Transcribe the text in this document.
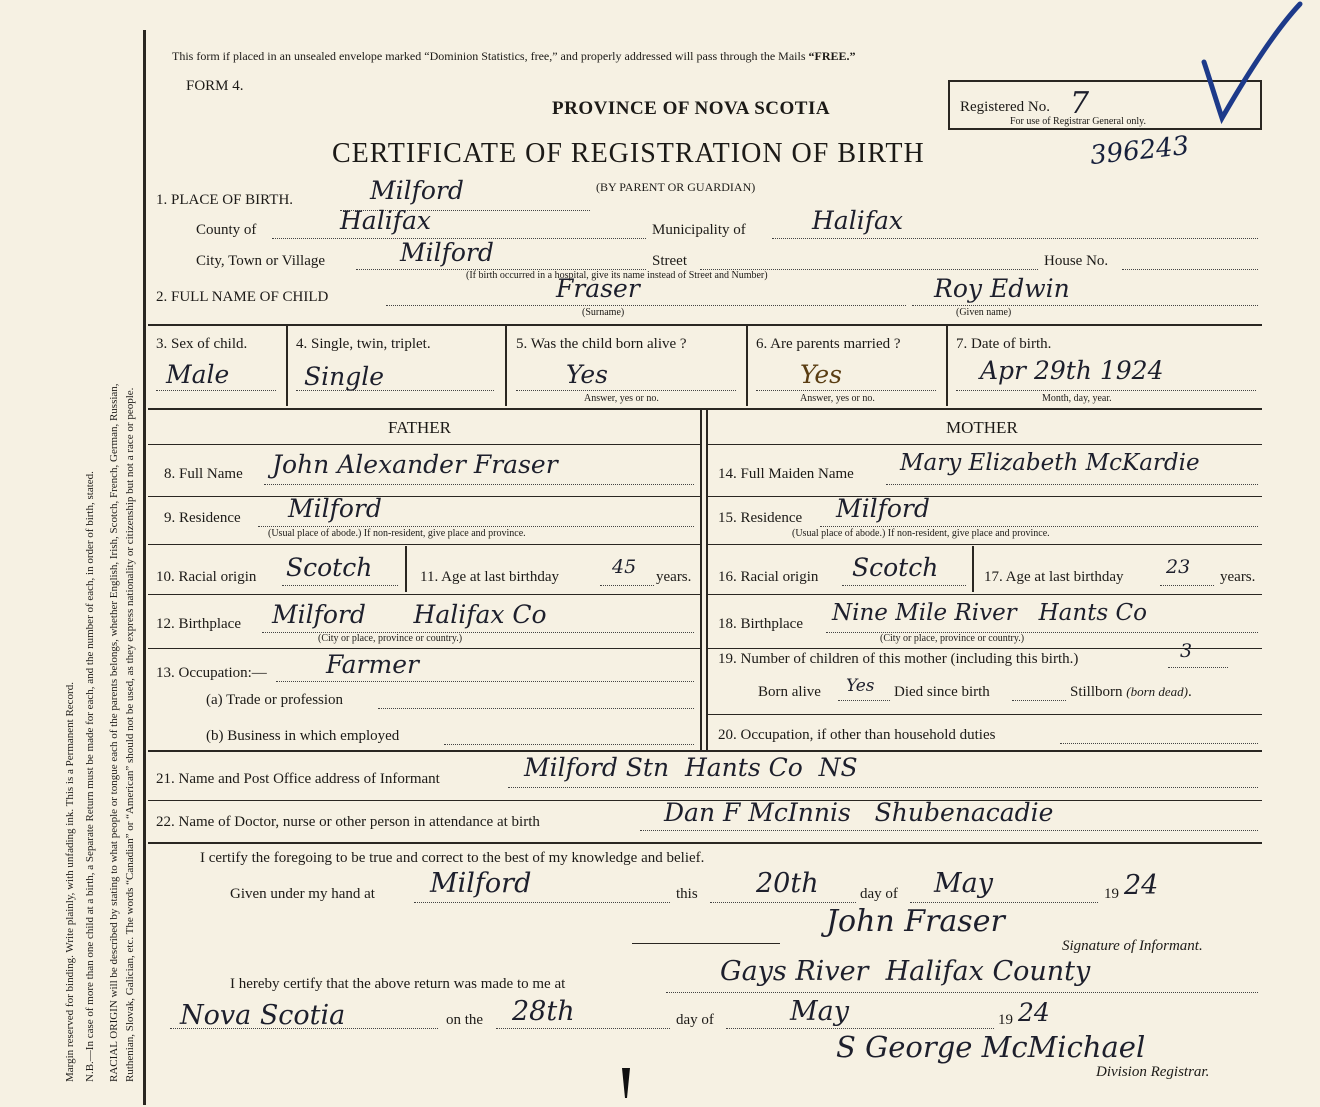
Margin reserved for binding. Write plainly, with unfading ink. This is a Permanent Record. N.B.—In case of more than one child at a birth, a Separate Return must be made for each, and the number of each, in order of birth, stated. RACIAL ORIGIN will be described by stating to what people or tongue each of the parents belongs, whether English, Irish, Scotch, French, German, Russian, Ruthenian, Slovak, Galician, etc. The words “Canadian” or “American” should not be used, as they express nationality or citizenship but not a race or people.
This form if placed in an unsealed envelope marked “Dominion Statistics, free,” and properly addressed will pass through the Mails “FREE.”
FORM 4.
PROVINCE OF NOVA SCOTIA	Registered No. 7
For use of Registrar General only.
CERTIFICATE OF REGISTRATION OF BIRTH	396243
(BY PARENT OR GUARDIAN)
1. PLACE OF BIRTH.	Milford
County of	Halifax	Municipality of	Halifax
City, Town or Village	Milford	Street	House No.
(If birth occurred in a hospital, give its name instead of Street and Number)
2. FULL NAME OF CHILD	Fraser
(Surname)
Roy Edwin
(Given name)
3. Sex of child.
Male
4. Single, twin, triplet.
Single
5. Was the child born alive ?
Yes
Answer, yes or no.
6. Are parents married ?
Yes
Answer, yes or no.
7. Date of birth.
Apr 29th 1924
Month, day, year.
FATHER	MOTHER
8. Full Name John Alexander Fraser	14. Full Maiden Name Mary Elizabeth McKardie
9. Residence Milford
(Usual place of abode.) If non-resident, give place and province.
15. Residence Milford
(Usual place of abode.) If non-resident, give place and province.
10. Racial origin Scotch	11. Age at last birthday	45 years. 16. Racial origin Scotch	17. Age at last birthday 23 years.
12. Birthplace Milford      Halifax Co
(City or place, province or country.)
18. Birthplace Nine Mile River   Hants Co
(City or place, province or country.)
13. Occupation:— Farmer
(a) Trade or profession
(b) Business in which employed
19. Number of children of this mother (including this birth.)	3
Born alive Yes Died since birth	Stillborn (born dead).
20. Occupation, if other than household duties
21. Name and Post Office address of Informant	Milford Stn  Hants Co  NS
22. Name of Doctor, nurse or other person in attendance at birth	Dan F McInnis   Shubenacadie
I certify the foregoing to be true and correct to the best of my knowledge and belief.
Given under my hand at Milford	this 20th	day of May	19 24
John Fraser
Signature of Informant.
I hereby certify that the above return was made to me at	Gays River  Halifax County
Nova Scotia	on the 28th	day of	May	19 24
S George McMichael
Division Registrar.
